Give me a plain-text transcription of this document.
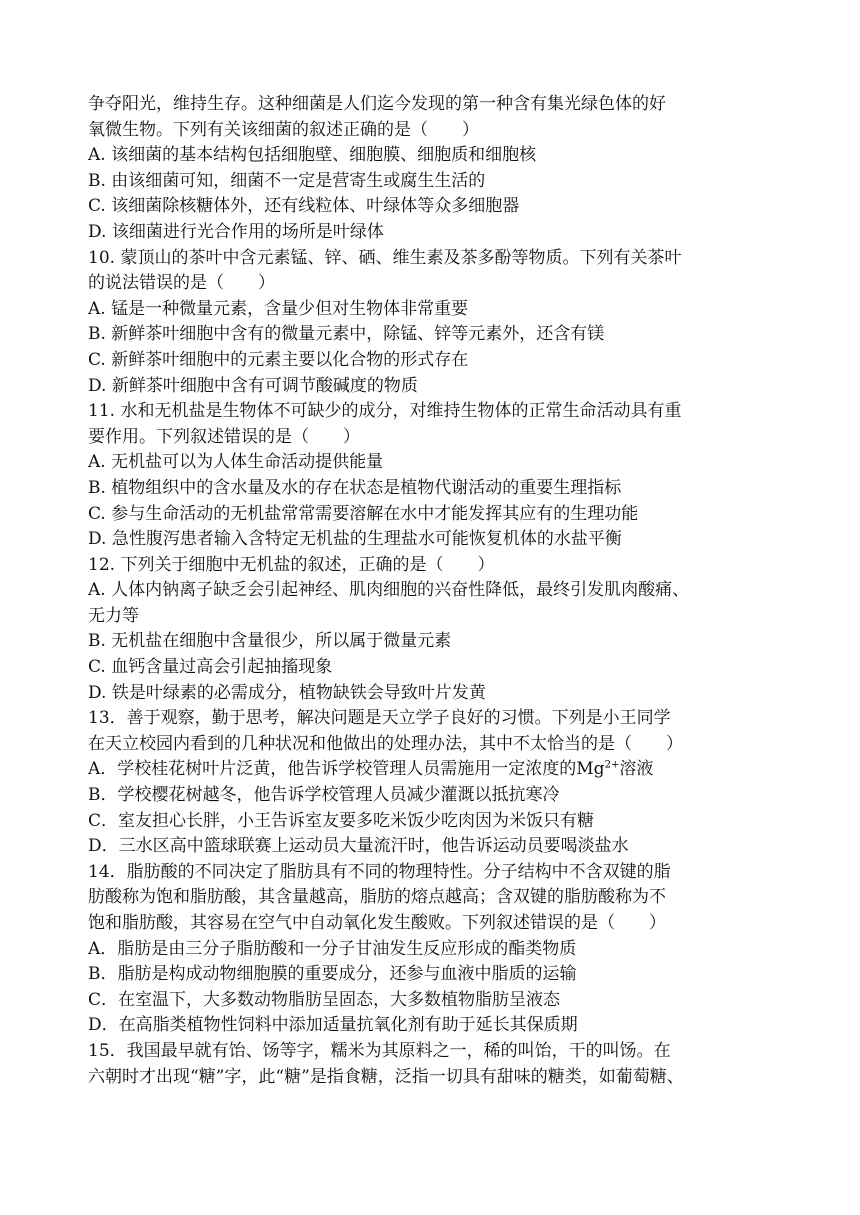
争夺阳光，维持生存。这种细菌是人们迄今发现的第一种含有集光绿色体的好
氧微生物。下列有关该细菌的叙述正确的是（　　）
A. 该细菌的基本结构包括细胞壁、细胞膜、细胞质和细胞核
B. 由该细菌可知，细菌不一定是营寄生或腐生生活的
C. 该细菌除核糖体外，还有线粒体、叶绿体等众多细胞器
D. 该细菌进行光合作用的场所是叶绿体
10. 蒙顶山的茶叶中含元素锰、锌、硒、维生素及茶多酚等物质。下列有关茶叶
的说法错误的是（　　）
A. 锰是一种微量元素，含量少但对生物体非常重要
B. 新鲜茶叶细胞中含有的微量元素中，除锰、锌等元素外，还含有镁
C. 新鲜茶叶细胞中的元素主要以化合物的形式存在
D. 新鲜茶叶细胞中含有可调节酸碱度的物质
11. 水和无机盐是生物体不可缺少的成分，对维持生物体的正常生命活动具有重
要作用。下列叙述错误的是（　　）
A. 无机盐可以为人体生命活动提供能量
B. 植物组织中的含水量及水的存在状态是植物代谢活动的重要生理指标
C. 参与生命活动的无机盐常常需要溶解在水中才能发挥其应有的生理功能
D. 急性腹泻患者输入含特定无机盐的生理盐水可能恢复机体的水盐平衡
12. 下列关于细胞中无机盐的叙述，正确的是（　　）
A. 人体内钠离子缺乏会引起神经、肌肉细胞的兴奋性降低，最终引发肌肉酸痛、
无力等
B. 无机盐在细胞中含量很少，所以属于微量元素
C. 血钙含量过高会引起抽搐现象
D. 铁是叶绿素的必需成分，植物缺铁会导致叶片发黄
13．善于观察，勤于思考，解决问题是天立学子良好的习惯。下列是小王同学
在天立校园内看到的几种状况和他做出的处理办法，其中不太恰当的是（　　）
A．学校桂花树叶片泛黄，他告诉学校管理人员需施用一定浓度的$Mg^{2+}$溶液
B．学校樱花树越冬，他告诉学校管理人员减少灌溉以抵抗寒冷
C．室友担心长胖，小王告诉室友要多吃米饭少吃肉因为米饭只有糖
D．三水区高中篮球联赛上运动员大量流汗时，他告诉运动员要喝淡盐水
14．脂肪酸的不同决定了脂肪具有不同的物理特性。分子结构中不含双键的脂
肪酸称为饱和脂肪酸，其含量越高，脂肪的熔点越高；含双键的脂肪酸称为不
饱和脂肪酸，其容易在空气中自动氧化发生酸败。下列叙述错误的是（　　）
A．脂肪是由三分子脂肪酸和一分子甘油发生反应形成的酯类物质
B．脂肪是构成动物细胞膜的重要成分，还参与血液中脂质的运输
C．在室温下，大多数动物脂肪呈固态，大多数植物脂肪呈液态
D．在高脂类植物性饲料中添加适量抗氧化剂有助于延长其保质期
15．我国最早就有饴、饧等字，糯米为其原料之一，稀的叫饴，干的叫饧。在
六朝时才出现“糖”字，此“糖”是指食糖，泛指一切具有甜味的糖类，如葡萄糖、
